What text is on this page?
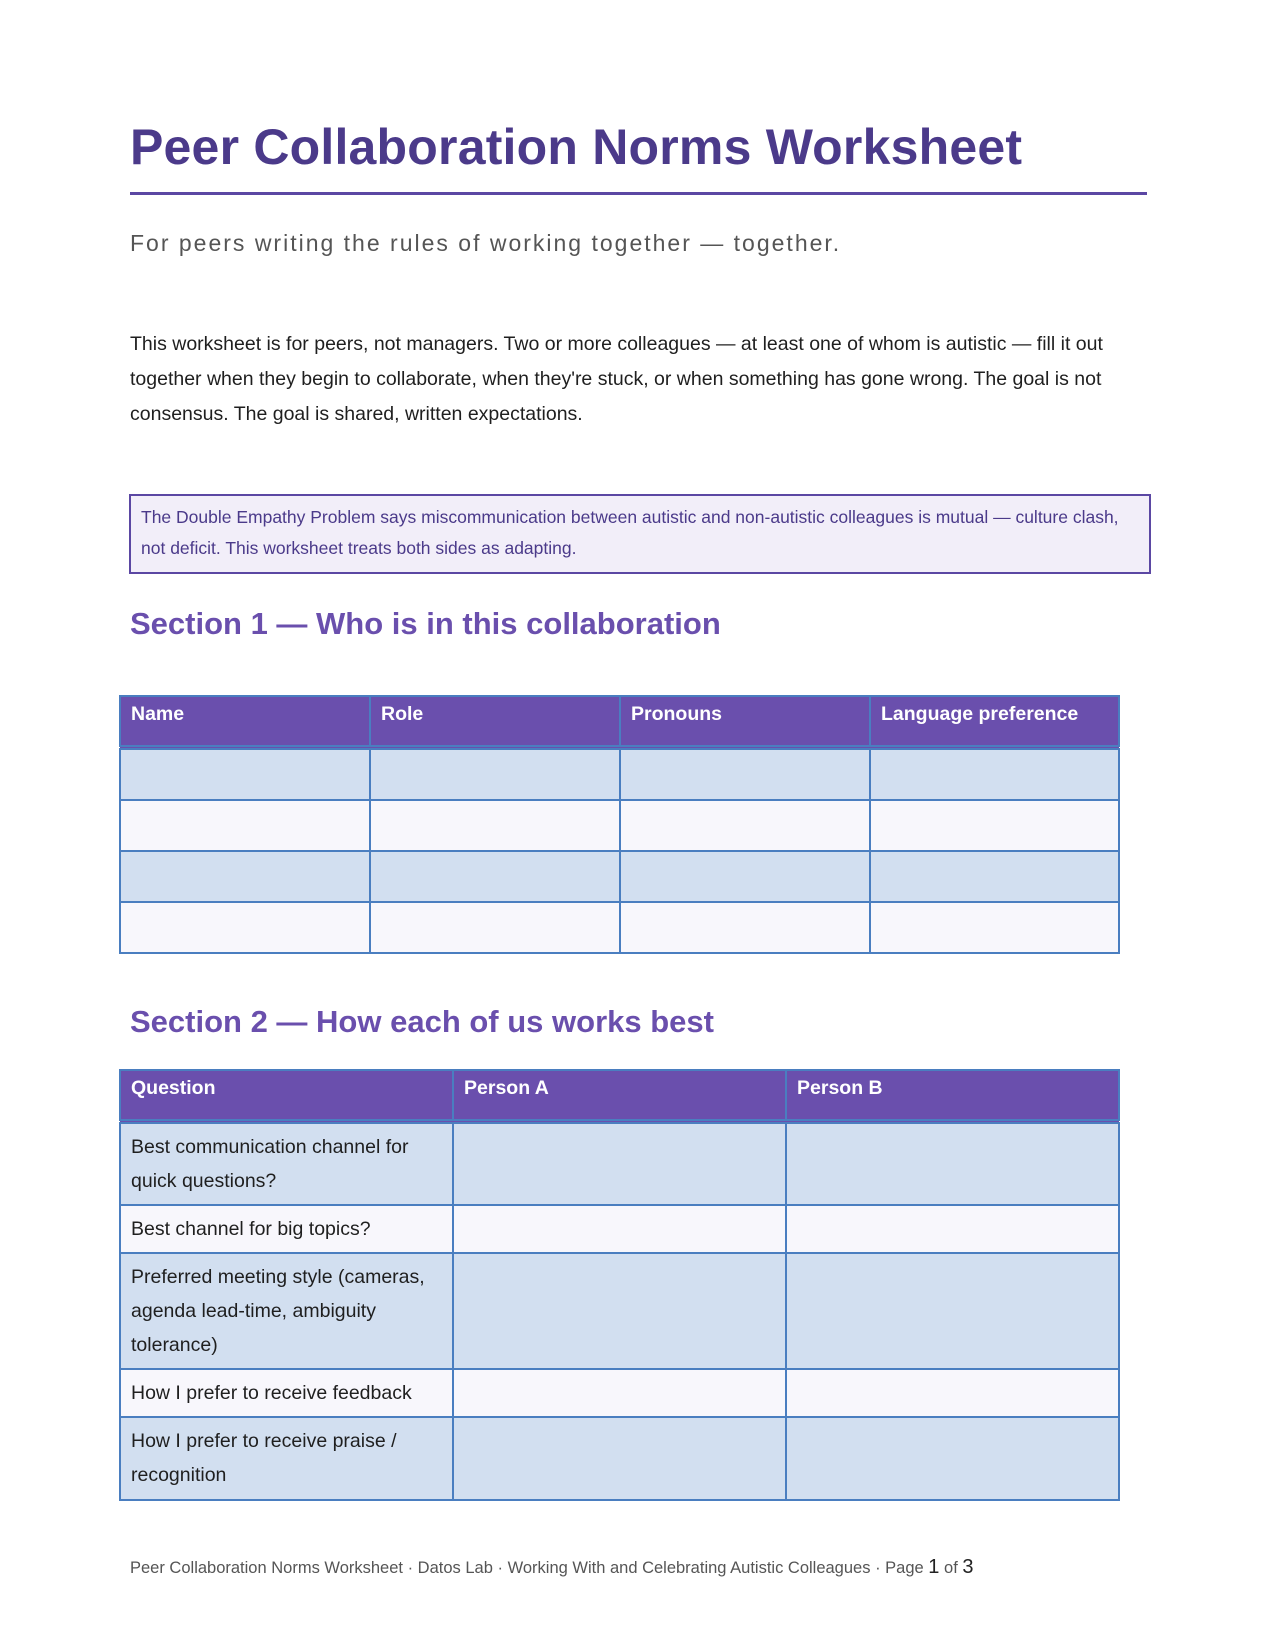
Peer Collaboration Norms Worksheet

For peers writing the rules of working together — together.

This worksheet is for peers, not managers. Two or more colleagues — at least one of whom is autistic — fill it out together when they begin to collaborate, when they're stuck, or when something has gone wrong. The goal is not consensus. The goal is shared, written expectations.

The Double Empathy Problem says miscommunication between autistic and non-autistic colleagues is mutual — culture clash, not deficit. This worksheet treats both sides as adapting.
Section 1 — Who is in this collaboration
Name	Role	Pronouns	Language preference

Section 2 — How each of us works best
Question	Person A	Person B
Best communication channel for quick questions?		
Best channel for big topics?		
Preferred meeting style (cameras, agenda lead-time, ambiguity tolerance)		
How I prefer to receive feedback		
How I prefer to receive praise / recognition		

Peer Collaboration Norms Worksheet · Datos Lab · Working With and Celebrating Autistic Colleagues · Page 1 of 3
